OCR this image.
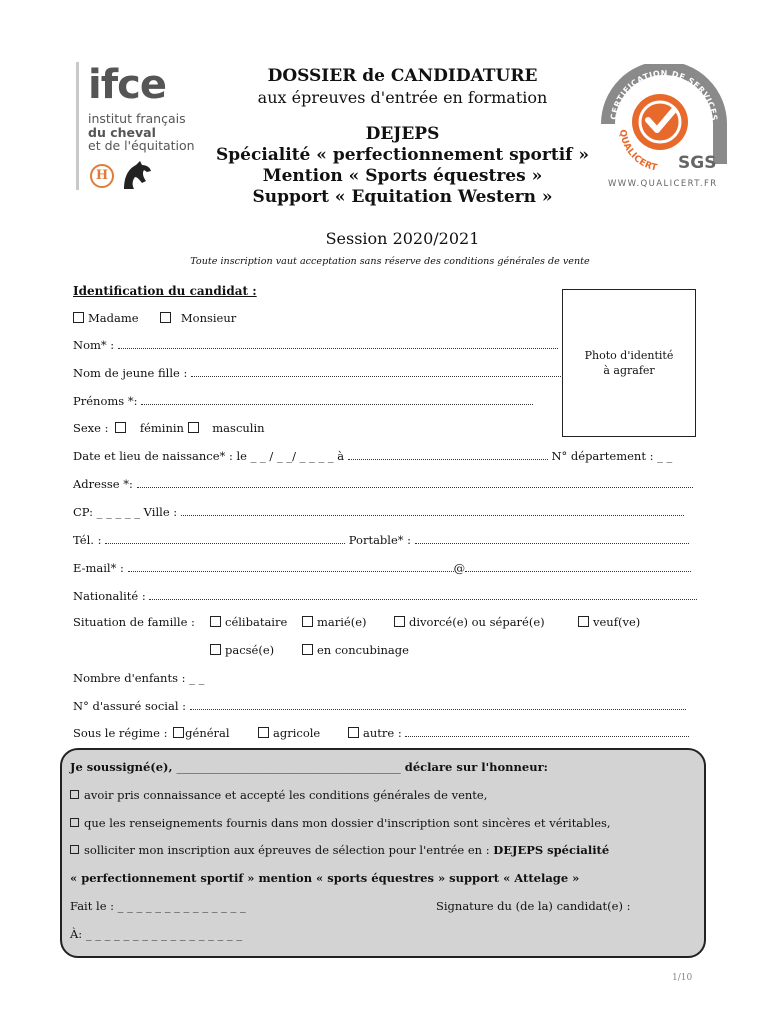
ifce
institut français
du cheval
et de l'équitation
H
CERTIFICATION DE SERVICES
QUALICERT SGS
WWW.QUALICERT.FR
DOSSIER de CANDIDATURE
aux épreuves d'entrée en formation
DEJEPS
Spécialité « perfectionnement sportif »
Mention « Sports équestres »
Support « Equitation Western »
Session 2020/2021
Toute inscription vaut acceptation sans réserve des conditions générales de vente
Identification du candidat :
Photo d'identité
à agrafer
Madame	Monsieur
Nom* :
Nom de jeune fille :
Prénoms *:
Sexe :	féminin masculin
Date et lieu de naissance* : le _ _ / _ _/ _ _ _ _ à	N° département : _ _
Adresse *:
CP: _ _ _ _ _ Ville :
Tél. :	Portable* :
E-mail* :	@
Nationalité :
Situation de famille :	célibataire	marié(e)	divorcé(e) ou séparé(e)	veuf(ve)
pacsé(e)	en concubinage
Nombre d'enfants : _ _
N° d'assuré social :
Sous le régime : général	agricole	autre :
Je soussigné(e), _______________________________________ déclare sur l'honneur:
avoir pris connaissance et accepté les conditions générales de vente,
que les renseignements fournis dans mon dossier d'inscription sont sincères et véritables,
solliciter mon inscription aux épreuves de sélection pour l'entrée en : DEJEPS spécialité
« perfectionnement sportif » mention « sports équestres » support « Attelage »
Fait le : _ _ _ _ _ _ _ _ _ _ _ _ _ _	Signature du (de la) candidat(e) :
À: _ _ _ _ _ _ _ _ _ _ _ _ _ _ _ _ _
1/10
